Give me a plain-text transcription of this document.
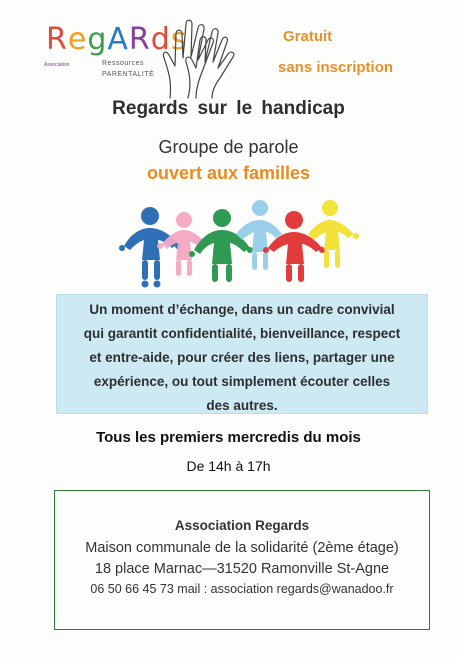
RegARds
Association	Ressources
PARENTALITÉ
Gratuit
sans inscription
Regards sur le handicap
Groupe de parole
ouvert aux familles
Un moment d’échange, dans un cadre convivial
qui garantit confidentialité, bienveillance, respect
et entre-aide, pour créer des liens, partager une
expérience, ou tout simplement écouter celles
des autres.
Tous les premiers mercredis du mois
De 14h à 17h
Association Regards
Maison communale de la solidarité (2ème étage)
18 place Marnac—31520 Ramonville St-Agne
06 50 66 45 73 mail : association regards@wanadoo.fr
